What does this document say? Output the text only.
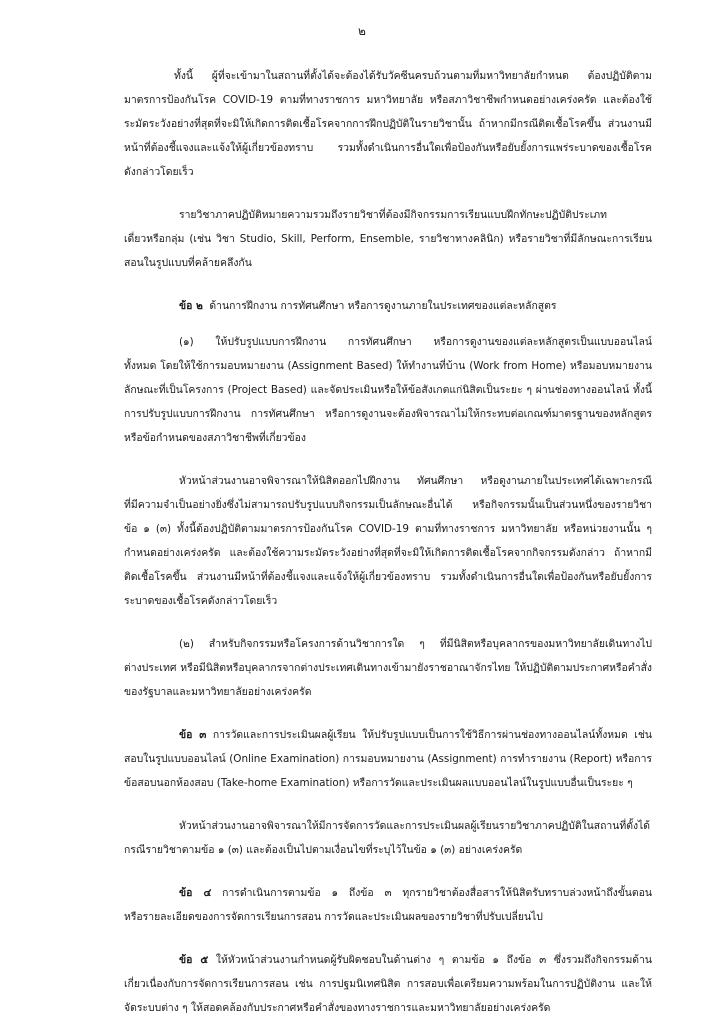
๒
ทั้งนี้ ผู้ที่จะเข้ามาในสถานที่ตั้งได้จะต้องได้รับวัคซีนครบถ้วนตามที่มหาวิทยาลัยกำหนด ต้องปฏิบัติตาม
มาตรการป้องกันโรค COVID-19 ตามที่ทางราชการ มหาวิทยาลัย หรือสภาวิชาชีพกำหนดอย่างเคร่งครัด และต้องใช้
ระมัดระวังอย่างที่สุดที่จะมิให้เกิดการติดเชื้อโรคจากการฝึกปฏิบัติในรายวิชานั้น ถ้าหากมีกรณีติดเชื้อโรคขึ้น ส่วนงานมี
หน้าที่ต้องชี้แจงและแจ้งให้ผู้เกี่ยวข้องทราบ รวมทั้งดำเนินการอื่นใดเพื่อป้องกันหรือยับยั้งการแพร่ระบาดของเชื้อโรค
ดังกล่าวโดยเร็ว
รายวิชาภาคปฏิบัติหมายความรวมถึงรายวิชาที่ต้องมีกิจกรรมการเรียนแบบฝึกทักษะปฏิบัติประเภท
เดี่ยวหรือกลุ่ม (เช่น วิชา Studio, Skill, Perform, Ensemble, รายวิชาทางคลินิก) หรือรายวิชาที่มีลักษณะการเรียน
สอนในรูปแบบที่คล้ายคลึงกัน
ข้อ ๒ ด้านการฝึกงาน การทัศนศึกษา หรือการดูงานภายในประเทศของแต่ละหลักสูตร
(๑) ให้ปรับรูปแบบการฝึกงาน การทัศนศึกษา หรือการดูงานของแต่ละหลักสูตรเป็นแบบออนไลน์
ทั้งหมด โดยให้ใช้การมอบหมายงาน (Assignment Based) ให้ทำงานที่บ้าน (Work from Home) หรือมอบหมายงาน
ลักษณะที่เป็นโครงการ (Project Based) และจัดประเมินหรือให้ข้อสังเกตแก่นิสิตเป็นระยะ ๆ ผ่านช่องทางออนไลน์ ทั้งนี้
การปรับรูปแบบการฝึกงาน การทัศนศึกษา หรือการดูงานจะต้องพิจารณาไม่ให้กระทบต่อเกณฑ์มาตรฐานของหลักสูตร
หรือข้อกำหนดของสภาวิชาชีพที่เกี่ยวข้อง
หัวหน้าส่วนงานอาจพิจารณาให้นิสิตออกไปฝึกงาน ทัศนศึกษา หรือดูงานภายในประเทศได้เฉพาะกรณี
ที่มีความจำเป็นอย่างยิ่งซึ่งไม่สามารถปรับรูปแบบกิจกรรมเป็นลักษณะอื่นได้ หรือกิจกรรมนั้นเป็นส่วนหนึ่งของรายวิชา
ข้อ ๑ (๓) ทั้งนี้ต้องปฏิบัติตามมาตรการป้องกันโรค COVID-19 ตามที่ทางราชการ มหาวิทยาลัย หรือหน่วยงานนั้น ๆ
กำหนดอย่างเคร่งครัด และต้องใช้ความระมัดระวังอย่างที่สุดที่จะมิให้เกิดการติดเชื้อโรคจากกิจกรรมดังกล่าว ถ้าหากมี
ติดเชื้อโรคขึ้น ส่วนงานมีหน้าที่ต้องชี้แจงและแจ้งให้ผู้เกี่ยวข้องทราบ รวมทั้งดำเนินการอื่นใดเพื่อป้องกันหรือยับยั้งการ
ระบาดของเชื้อโรคดังกล่าวโดยเร็ว
(๒) สำหรับกิจกรรมหรือโครงการด้านวิชาการใด ๆ ที่มีนิสิตหรือบุคลากรของมหาวิทยาลัยเดินทางไป
ต่างประเทศ หรือมีนิสิตหรือบุคลากรจากต่างประเทศเดินทางเข้ามายังราชอาณาจักรไทย ให้ปฏิบัติตามประกาศหรือคำสั่ง
ของรัฐบาลและมหาวิทยาลัยอย่างเคร่งครัด
ข้อ ๓ การวัดและการประเมินผลผู้เรียน ให้ปรับรูปแบบเป็นการใช้วิธีการผ่านช่องทางออนไลน์ทั้งหมด เช่น
สอบในรูปแบบออนไลน์ (Online Examination) การมอบหมายงาน (Assignment) การทำรายงาน (Report) หรือการ
ข้อสอบนอกห้องสอบ (Take-home Examination) หรือการวัดและประเมินผลแบบออนไลน์ในรูปแบบอื่นเป็นระยะ ๆ
หัวหน้าส่วนงานอาจพิจารณาให้มีการจัดการวัดและการประเมินผลผู้เรียนรายวิชาภาคปฏิบัติในสถานที่ตั้งได้
กรณีรายวิชาตามข้อ ๑ (๓) และต้องเป็นไปตามเงื่อนไขที่ระบุไว้ในข้อ ๑ (๓) อย่างเคร่งครัด
ข้อ ๔ การดำเนินการตามข้อ ๑ ถึงข้อ ๓ ทุกรายวิชาต้องสื่อสารให้นิสิตรับทราบล่วงหน้าถึงขั้นตอน
หรือรายละเอียดของการจัดการเรียนการสอน การวัดและประเมินผลของรายวิชาที่ปรับเปลี่ยนไป
ข้อ ๕ ให้หัวหน้าส่วนงานกำหนดผู้รับผิดชอบในด้านต่าง ๆ ตามข้อ ๑ ถึงข้อ ๓ ซึ่งรวมถึงกิจกรรมด้าน
เกี่ยวเนื่องกับการจัดการเรียนการสอน เช่น การปฐมนิเทศนิสิต การสอบเพื่อเตรียมความพร้อมในการปฏิบัติงาน และให้
จัดระบบต่าง ๆ ให้สอดคล้องกับประกาศหรือคำสั่งของทางราชการและมหาวิทยาลัยอย่างเคร่งครัด
